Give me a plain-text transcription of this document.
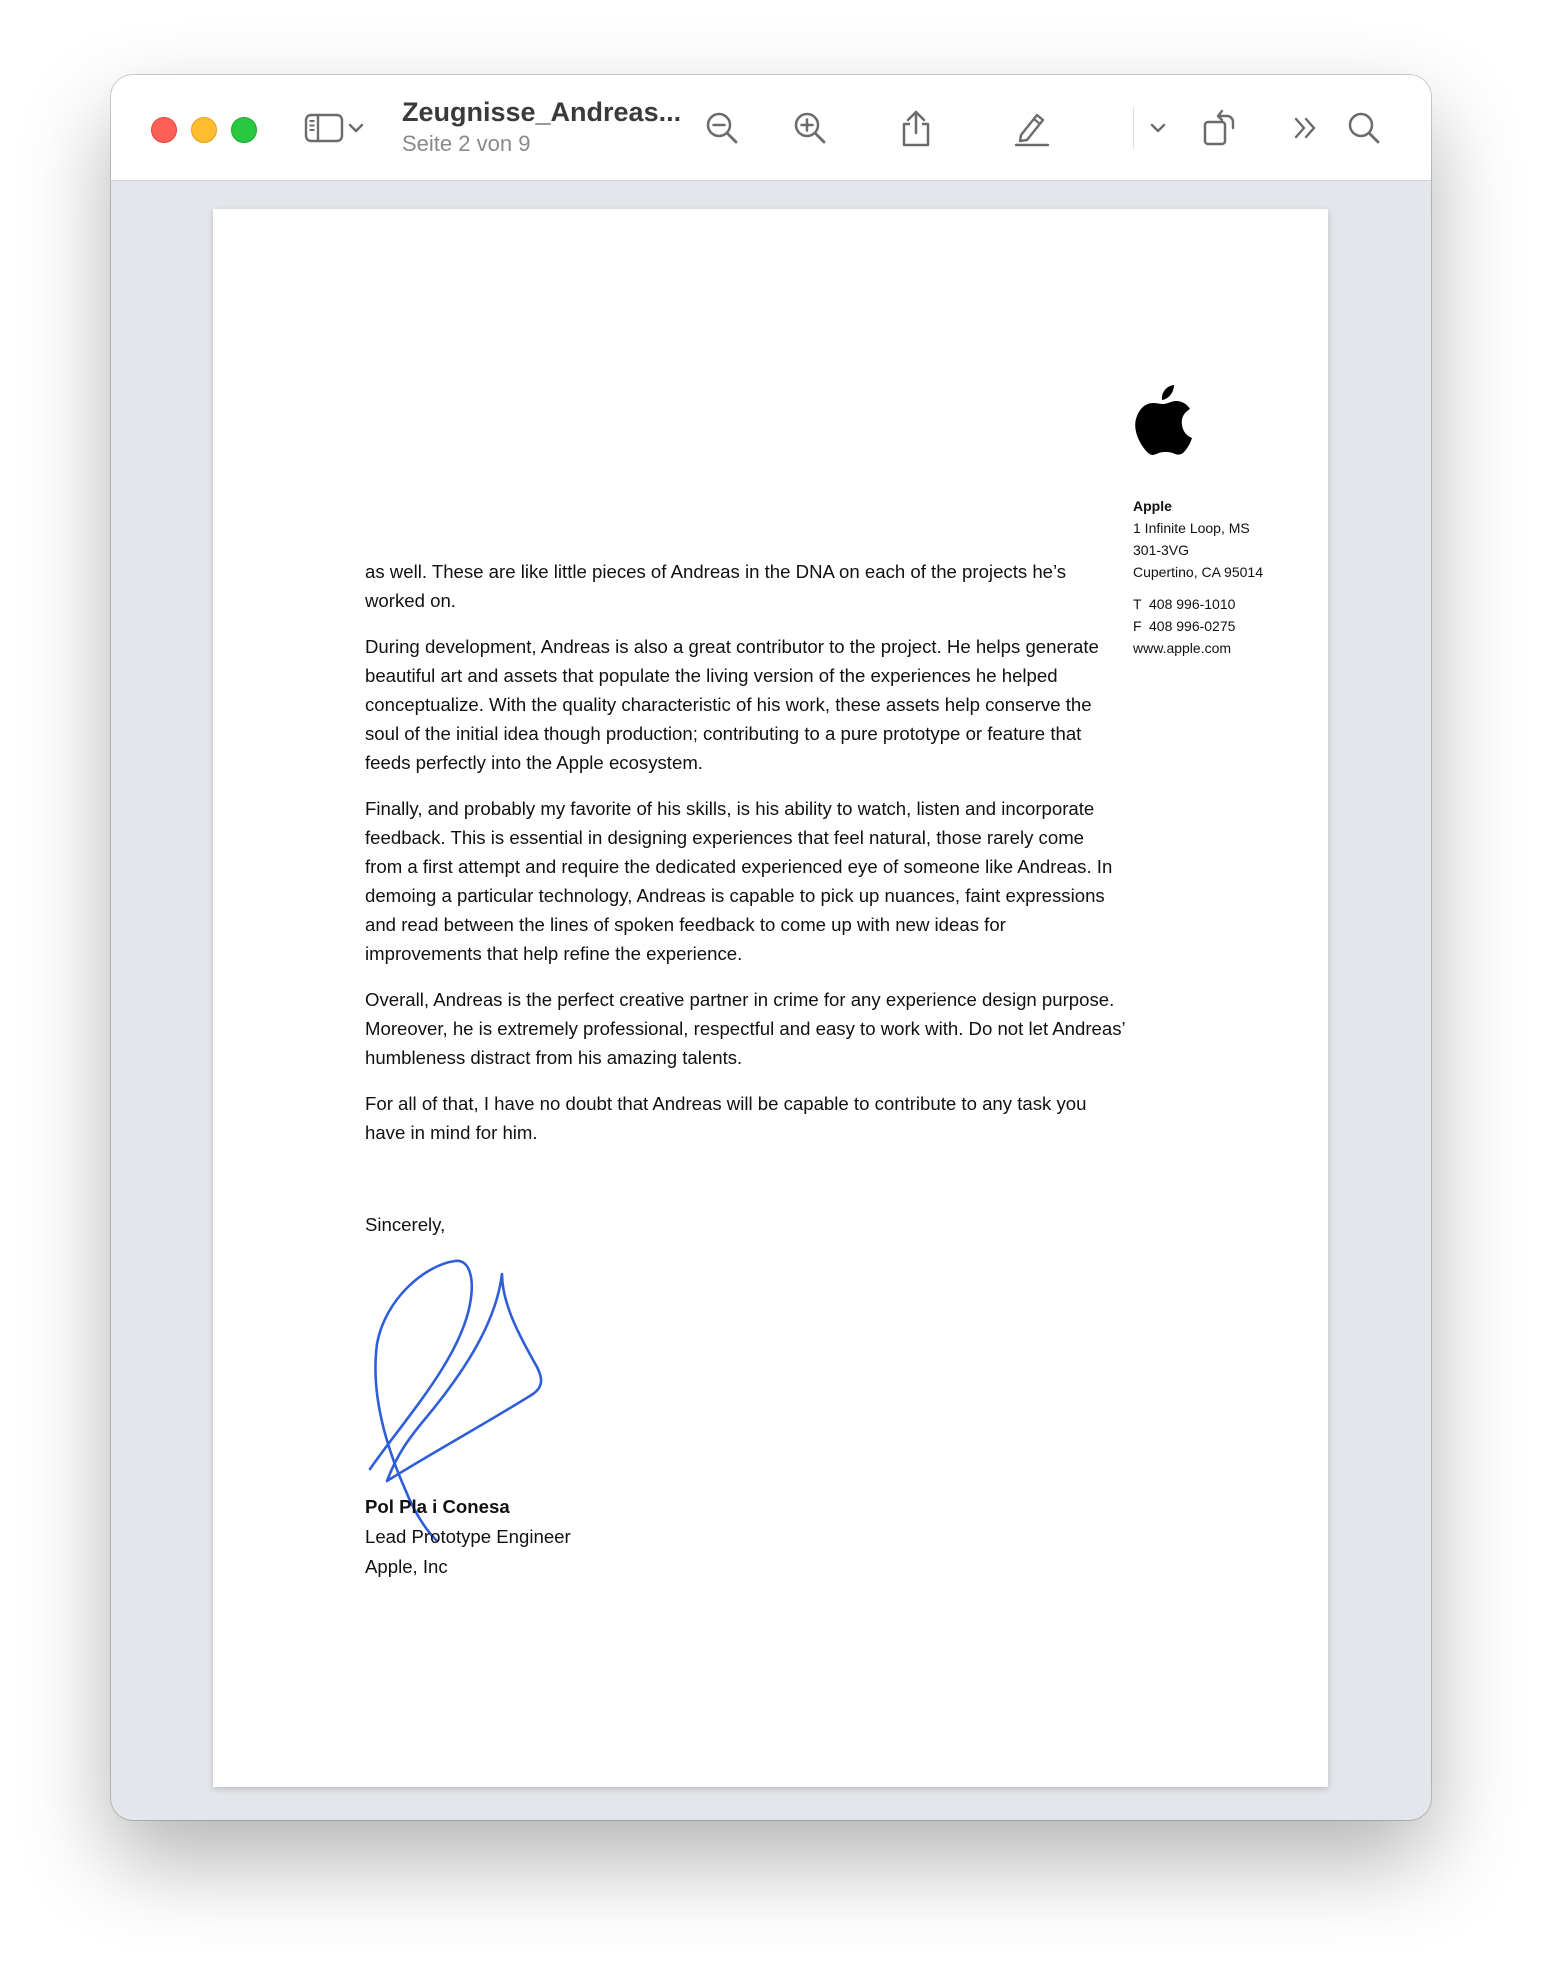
Zeugnisse_Andreas...
Seite 2 von 9
Apple
1 Infinite Loop, MS
301-3VG
Cupertino, CA 95014
T 408 996-1010
F 408 996-0275
www.apple.com

as well. These are like little pieces of Andreas in the DNA on each of the projects he’s worked on.

During development, Andreas is also a great contributor to the project. He helps generate beautiful art and assets that populate the living version of the experiences he helped conceptualize. With the quality characteristic of his work, these assets help conserve the soul of the initial idea though production; contributing to a pure prototype or feature that feeds perfectly into the Apple ecosystem.

Finally, and probably my favorite of his skills, is his ability to watch, listen and incorporate feedback. This is essential in designing experiences that feel natural, those rarely come from a first attempt and require the dedicated experienced eye of someone like Andreas. In demoing a particular technology, Andreas is capable to pick up nuances, faint expressions and read between the lines of spoken feedback to come up with new ideas for improvements that help refine the experience.

Overall, Andreas is the perfect creative partner in crime for any experience design purpose. Moreover, he is extremely professional, respectful and easy to work with. Do not let Andreas’ humbleness distract from his amazing talents.

For all of that, I have no doubt that Andreas will be capable to contribute to any task you have in mind for him.

Sincerely,
Pol Pla i Conesa
Lead Prototype Engineer
Apple, Inc
